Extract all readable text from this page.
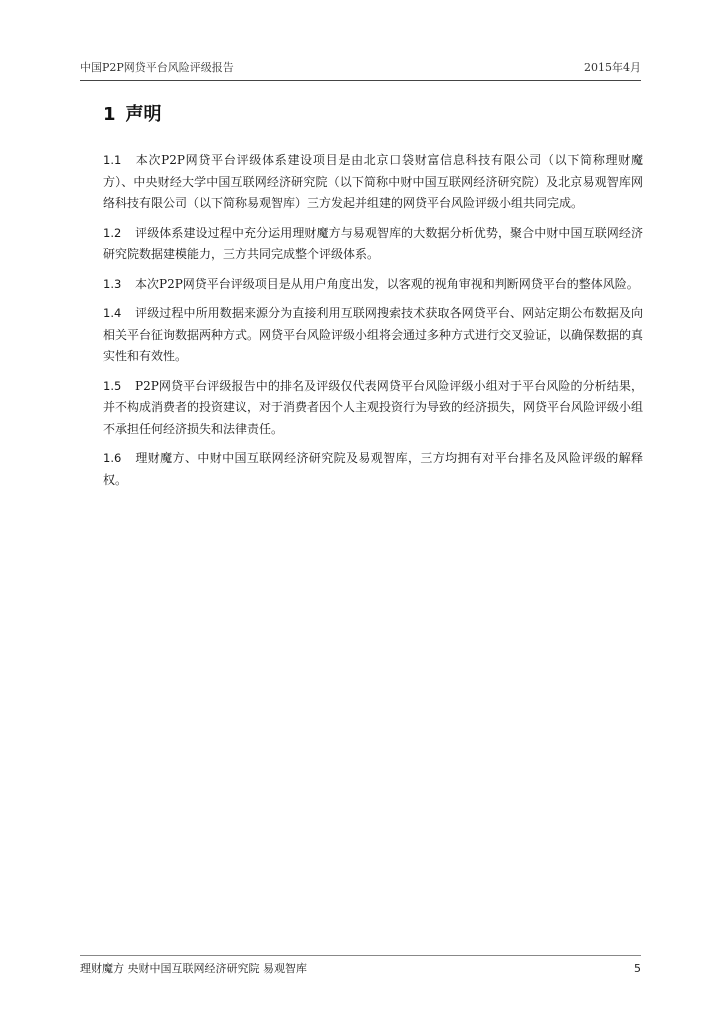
中国P2P网贷平台风险评级报告	2015年4月
1 声明

1.1 本次P2P网贷平台评级体系建设项目是由北京口袋财富信息科技有限公司（以下简称理财魔方）、中央财经大学中国互联网经济研究院（以下简称中财中国互联网经济研究院）及北京易观智库网络科技有限公司（以下简称易观智库）三方发起并组建的网贷平台风险评级小组共同完成。

1.2 评级体系建设过程中充分运用理财魔方与易观智库的大数据分析优势，聚合中财中国互联网经济研究院数据建模能力，三方共同完成整个评级体系。

1.3 本次P2P网贷平台评级项目是从用户角度出发，以客观的视角审视和判断网贷平台的整体风险。

1.4 评级过程中所用数据来源分为直接利用互联网搜索技术获取各网贷平台、网站定期公布数据及向相关平台征询数据两种方式。网贷平台风险评级小组将会通过多种方式进行交叉验证，以确保数据的真实性和有效性。

1.5 P2P网贷平台评级报告中的排名及评级仅代表网贷平台风险评级小组对于平台风险的分析结果，并不构成消费者的投资建议，对于消费者因个人主观投资行为导致的经济损失，网贷平台风险评级小组不承担任何经济损失和法律责任。

1.6 理财魔方、中财中国互联网经济研究院及易观智库，三方均拥有对平台排名及风险评级的解释权。

理财魔方 央财中国互联网经济研究院 易观智库	5
